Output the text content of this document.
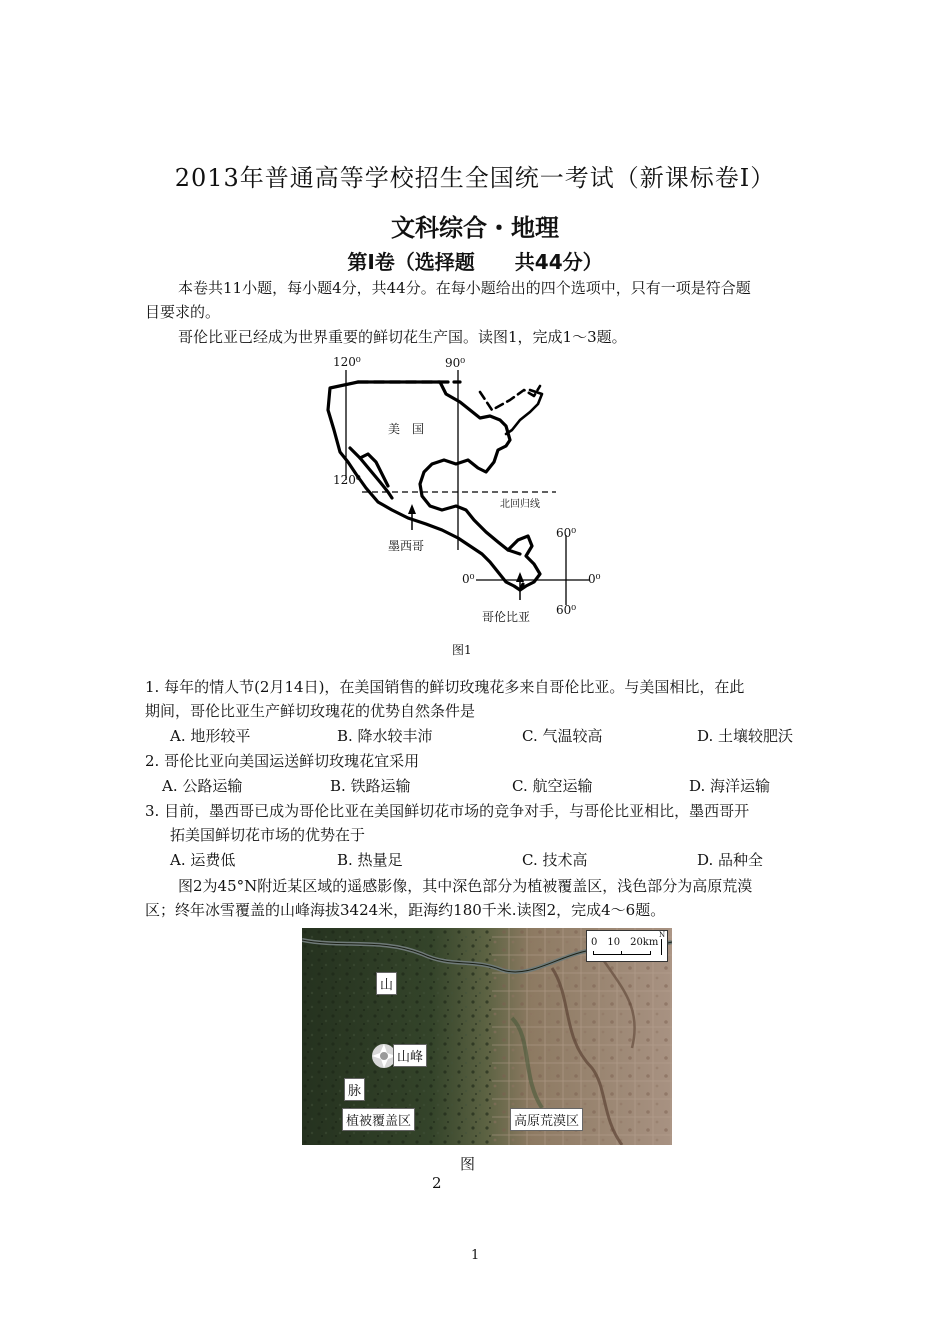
2013年普通高等学校招生全国统一考试（新课标卷I）
文科综合・地理
第I卷（选择题　　共44分）
本卷共11小题，每小题4分，共44分。在每小题给出的四个选项中，只有一项是符合题
目要求的。
哥伦比亚已经成为世界重要的鲜切花生产国。读图1，完成1～3题。
120⁰	90⁰
美　国
120⁰
北回归线
墨西哥
60⁰
0⁰	0⁰
哥伦比亚 60⁰
图1
1. 每年的情人节(2月14日)，在美国销售的鲜切玫瑰花多来自哥伦比亚。与美国相比，在此
期间，哥伦比亚生产鲜切玫瑰花的优势自然条件是
A. 地形较平	B. 降水较丰沛	C. 气温较高	D. 土壤较肥沃
2. 哥伦比亚向美国运送鲜切玫瑰花宜采用
A. 公路运输	B. 铁路运输	C. 航空运输	D. 海洋运输
3. 目前，墨西哥已成为哥伦比亚在美国鲜切花市场的竞争对手，与哥伦比亚相比，墨西哥开
拓美国鲜切花市场的优势在于
A. 运费低	B. 热量足	C. 技术高	D. 品种全
图2为45°N附近某区域的遥感影像，其中深色部分为植被覆盖区，浅色部分为高原荒漠
区；终年冰雪覆盖的山峰海拔3424米，距海约180千米.读图2，完成4～6题。
0　10　20km
N
山
山峰
脉
植被覆盖区	高原荒漠区
图
2
1
